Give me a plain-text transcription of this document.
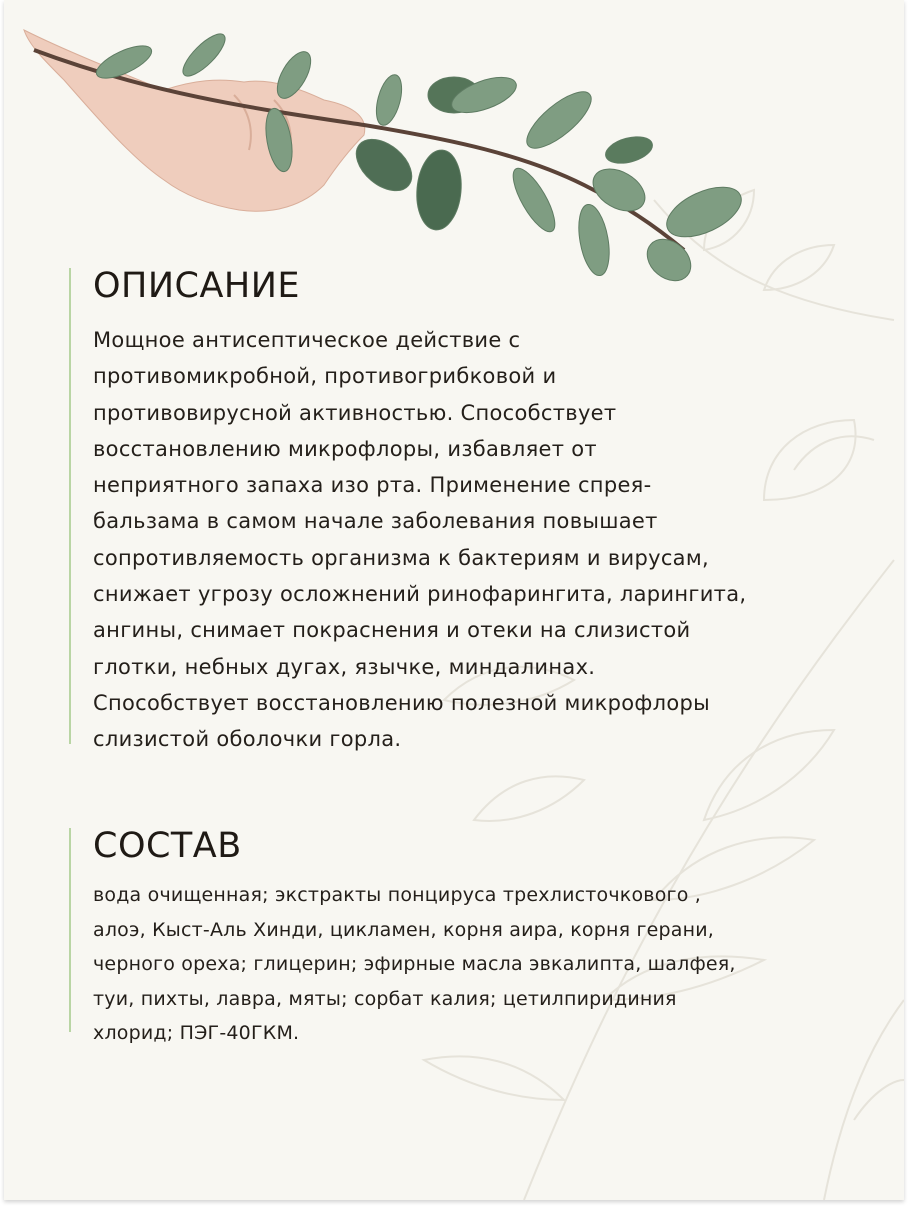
ОПИСАНИЕ
Мощное антисептическое действие с
противомикробной, противогрибковой и
противовирусной активностью. Способствует
восстановлению микрофлоры, избавляет от
неприятного запаха изо рта. Применение спрея-
бальзама в самом начале заболевания повышает
сопротивляемость организма к бактериям и вирусам,
снижает угрозу осложнений ринофарингита, ларингита,
ангины, снимает покраснения и отеки на слизистой
глотки, небных дугах, язычке, миндалинах.
Способствует восстановлению полезной микрофлоры
слизистой оболочки горла.
СОСТАВ
вода очищенная; экстракты понцируса трехлисточкового ,
алоэ, Кыст-Аль Хинди, цикламен, корня аира, корня герани,
черного ореха; глицерин; эфирные масла эвкалипта, шалфея,
туи, пихты, лавра, мяты; сорбат калия; цетилпиридиния
хлорид; ПЭГ-40ГКМ.
